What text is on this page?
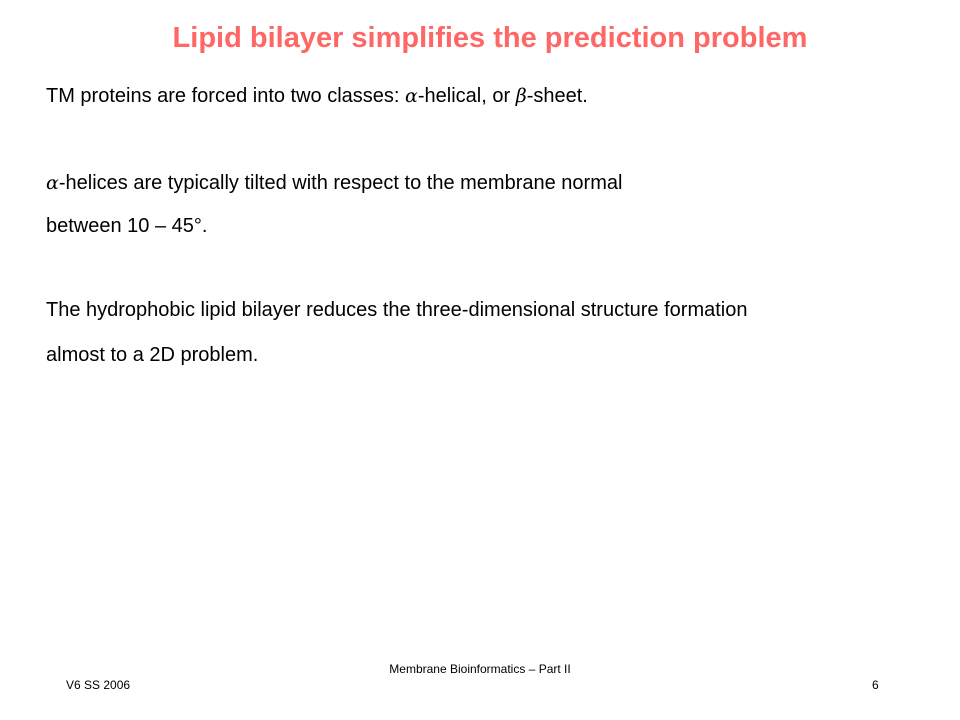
Lipid bilayer simplifies the prediction problem
TM proteins are forced into two classes: α-helical, or β-sheet.
α-helices are typically tilted with respect to the membrane normal
between 10 – 45°.
The hydrophobic lipid bilayer reduces the three-dimensional structure formation
almost to a 2D problem.
Membrane Bioinformatics – Part II
V6 SS 2006	6
